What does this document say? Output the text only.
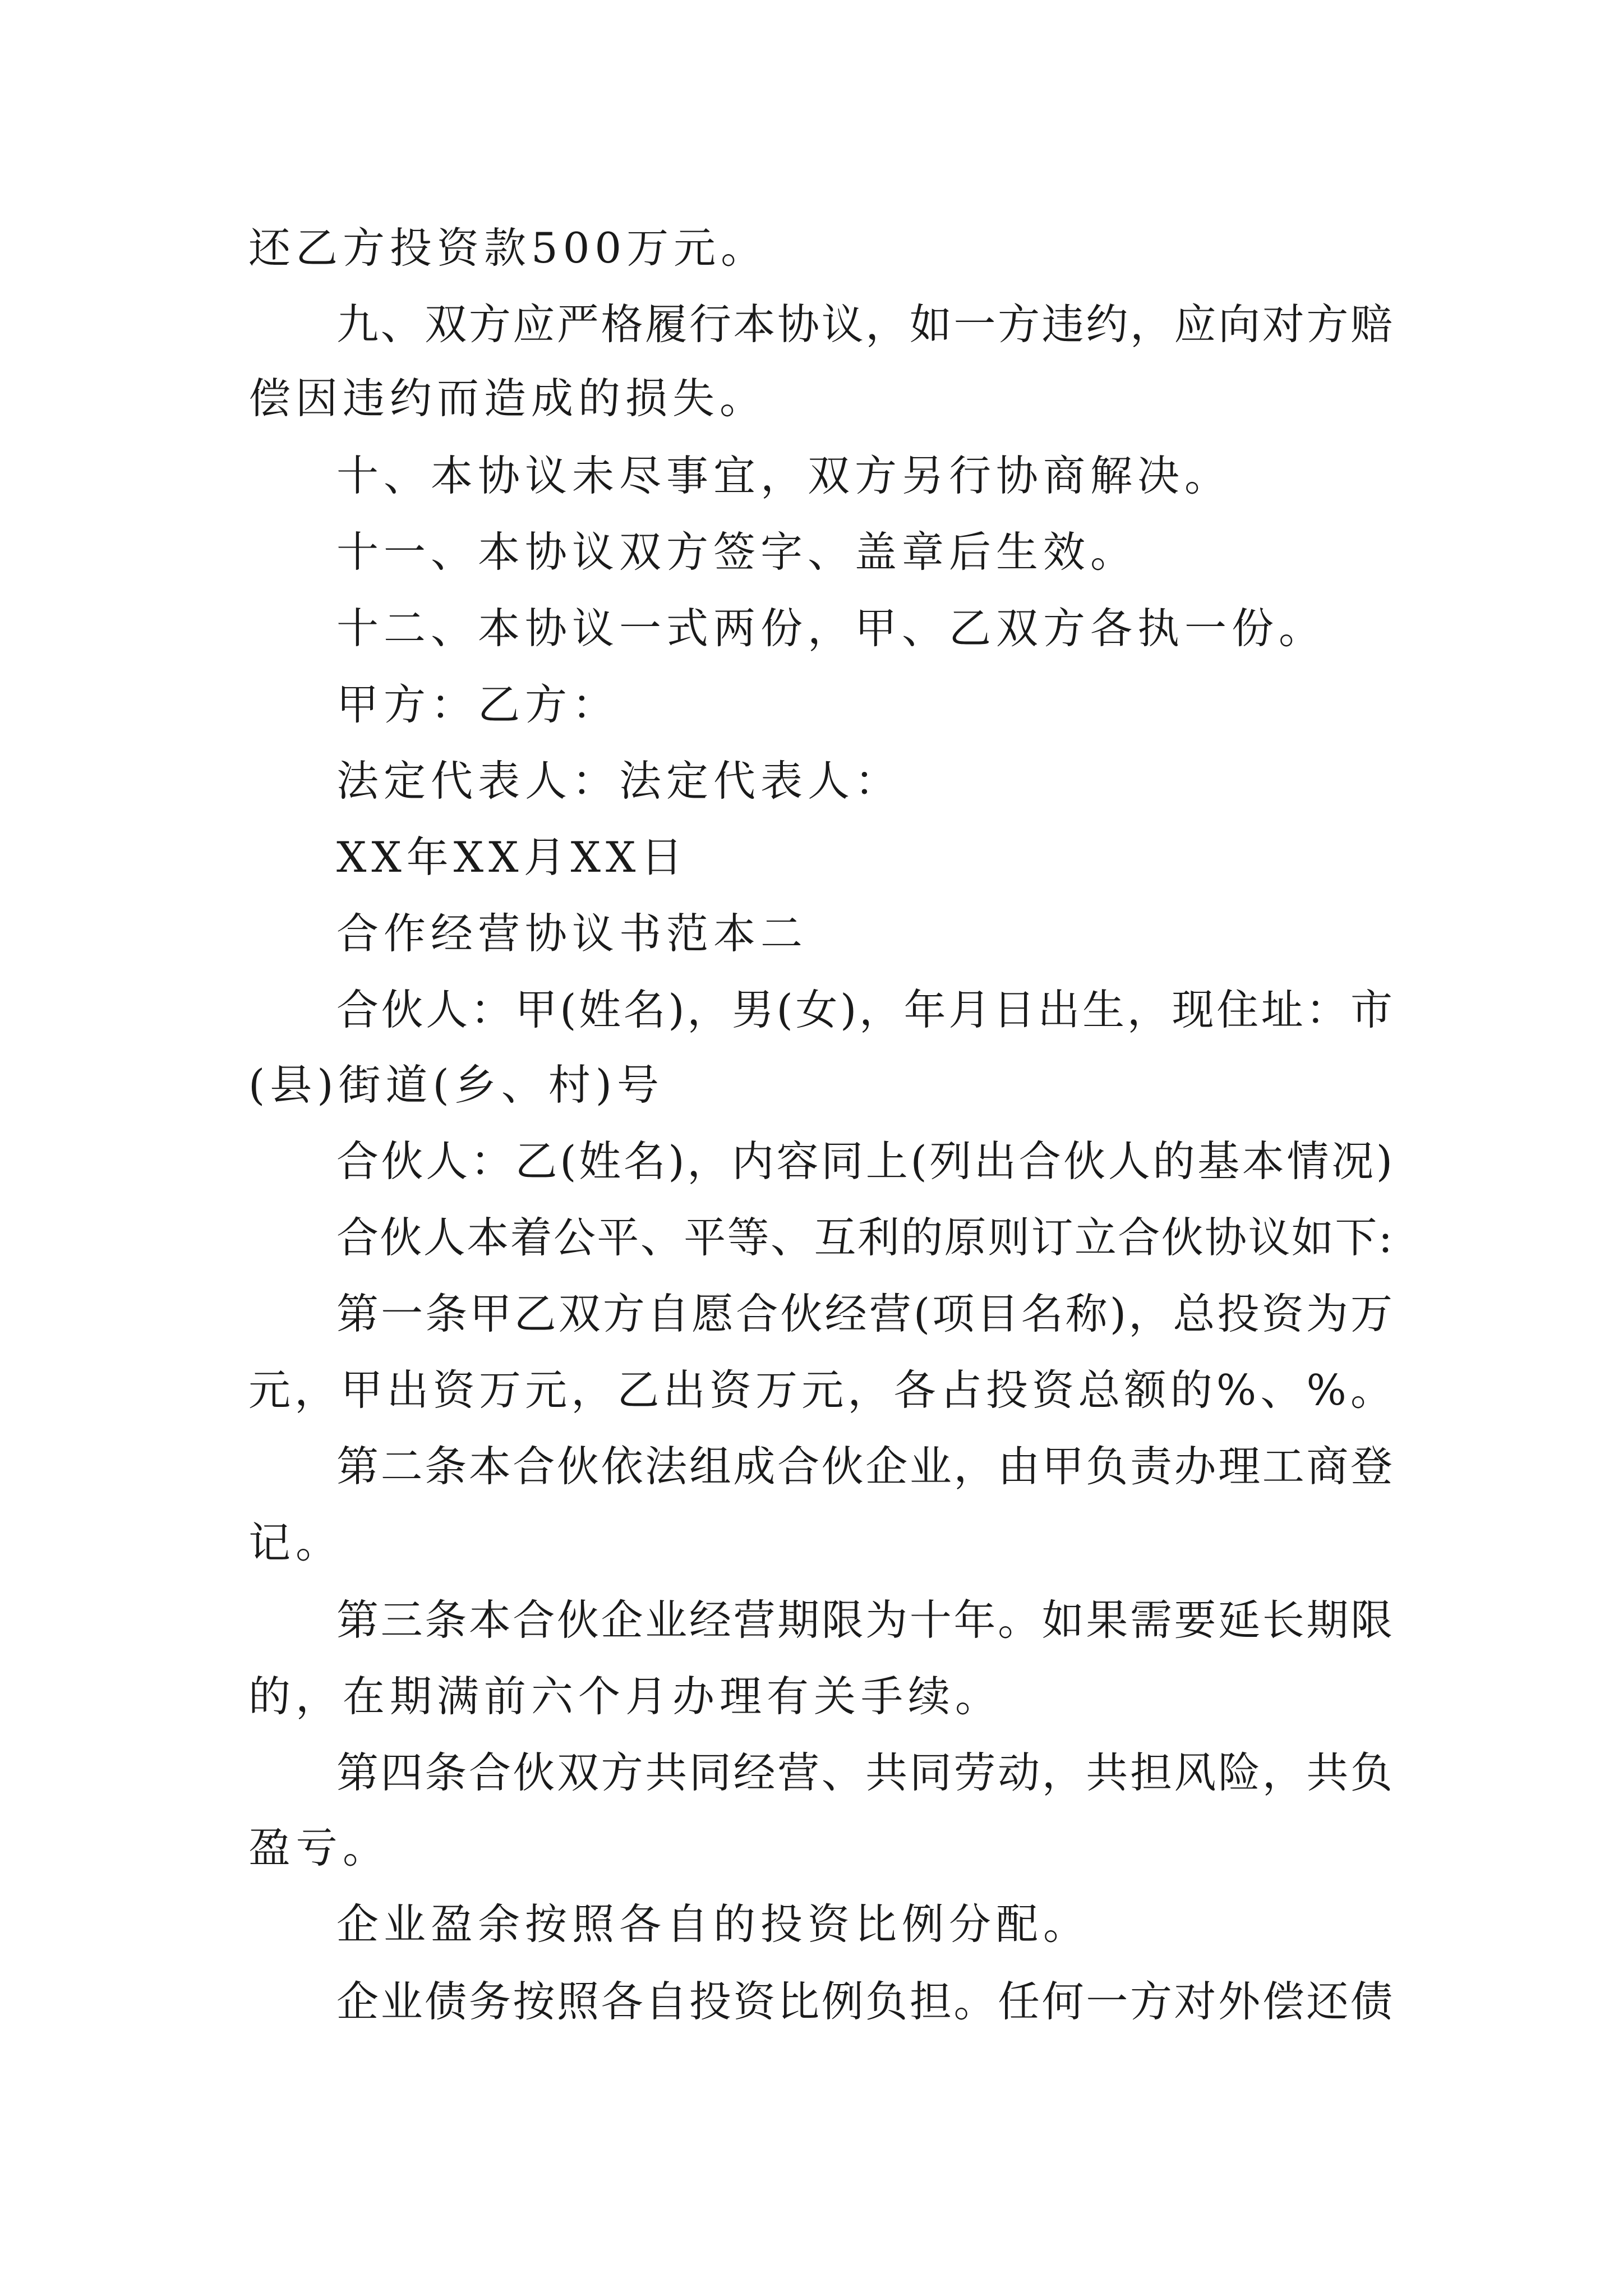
还乙方投资款500万元。
九、双方应严格履行本协议，如一方违约，应向对方赔
偿因违约而造成的损失。
十、本协议未尽事宜，双方另行协商解决。
十一、本协议双方签字、盖章后生效。
十二、本协议一式两份，甲、乙双方各执一份。
甲方：乙方：
法定代表人：法定代表人：
XX年XX月XX日
合作经营协议书范本二
合伙人：甲(姓名)，男(女)，年月日出生，现住址：市
(县)街道(乡、村)号
合伙人：乙(姓名)，内容同上(列出合伙人的基本情况)
合伙人本着公平、平等、互利的原则订立合伙协议如下:
第一条甲乙双方自愿合伙经营(项目名称)，总投资为万
元，甲出资万元，乙出资万元，各占投资总额的%、%。
第二条本合伙依法组成合伙企业，由甲负责办理工商登
记。
第三条本合伙企业经营期限为十年。如果需要延长期限
的，在期满前六个月办理有关手续。
第四条合伙双方共同经营、共同劳动，共担风险，共负
盈亏。
企业盈余按照各自的投资比例分配。
企业债务按照各自投资比例负担。任何一方对外偿还债
